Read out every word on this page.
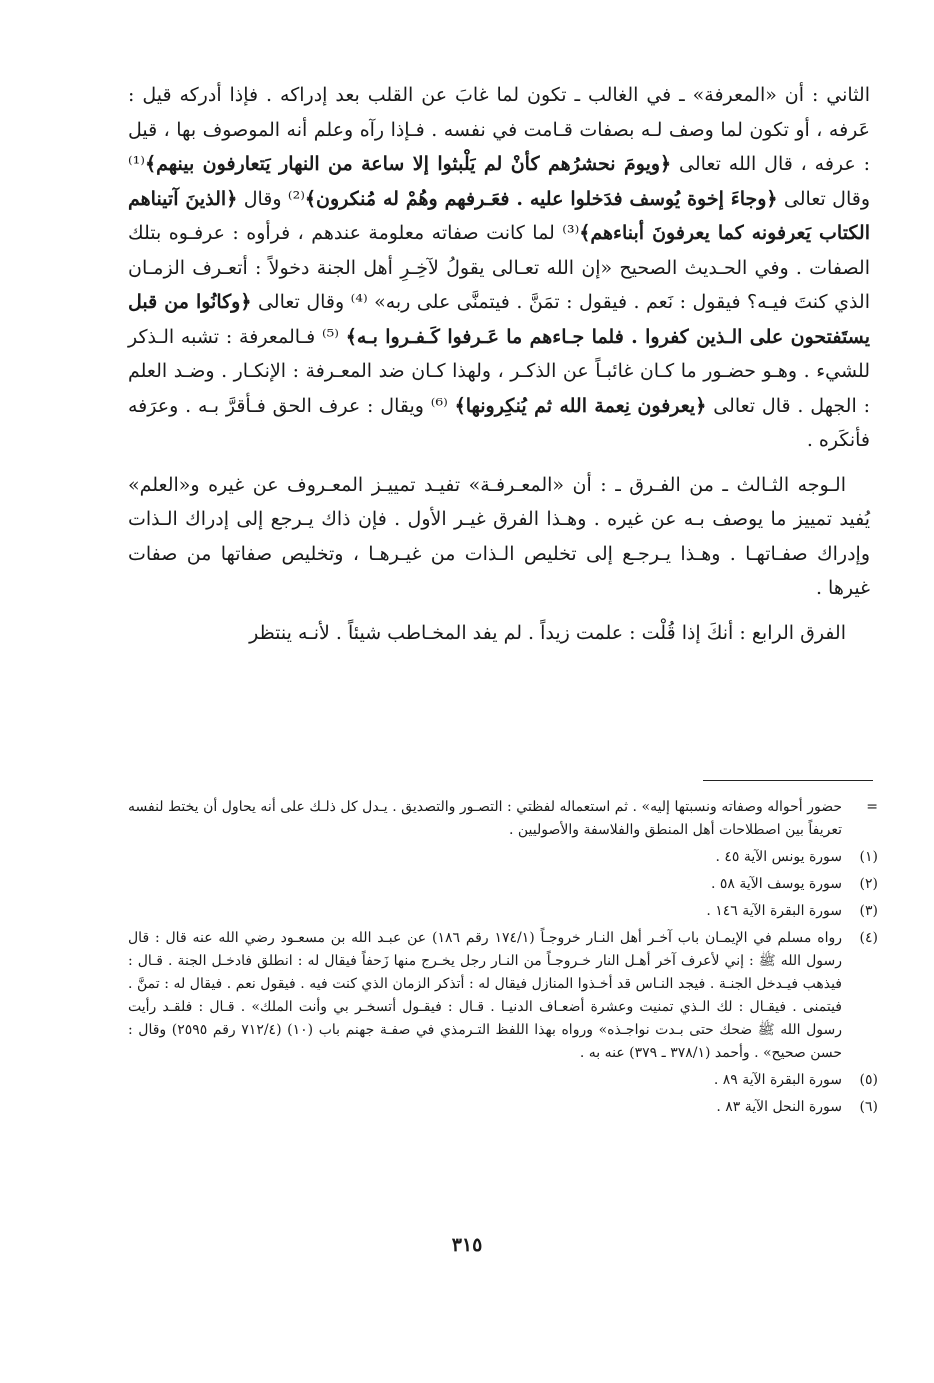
الثاني : أن «المعرفة» ـ في الغالب ـ تكون لما غابَ عن القلب بعد إدراكه . فإذا أدركه قيل : عَرفه ، أو تكون لما وصف لـه بصفات قـامت في نفسه . فـإذا رآه وعلم أنه الموصوف بها ، قيل : عرفه ، قال الله تعالى ﴿ويومَ نحشرُهم كأنْ لم يَلْبثوا إلا ساعة من النهار يَتعارفون بينهم﴾⁽¹⁾ وقال تعالى ﴿وجاءَ إخوة يُوسف فدَخلوا عليه . فعَـرفهم وهُمْ له مُنكرون﴾⁽²⁾ وقال ﴿الذينَ آتيناهم الكتاب يَعرفونه كما يعرفونَ أبناءهم﴾⁽³⁾ لما كانت صفاته معلومة عندهم ، فرأوه : عرفـوه بتلك الصفات . وفي الحـديث الصحيح «إن الله تعـالى يقولُ لآخِـرِ أهل الجنة دخولاً : أتعـرف الزمـان الذي كنتَ فيـه؟ فيقول : نَعم . فيقول : تمَنَّ . فيتمنَّى على ربه» ⁽⁴⁾ وقال تعالى ﴿وكانُوا من قبل يستَفتحون على الـذين كفروا . فلما جـاءهم ما عَـرفوا كَـفـروا بـه﴾ ⁽⁵⁾ فـالمعرفة : تشبه الـذكر للشيء . وهـو حضـور ما كـان غائبـاً عن الذكـر ، ولهذا كـان ضد المعـرفة : الإنكـار . وضـد العلم : الجهل . قال تعالى ﴿يعرفون نِعمة الله ثم يُنكِرونها﴾ ⁽⁶⁾ ويقال : عرف الحق فـأقرَّ بـه . وعرَفه فأنكَره .

الـوجه الثـالث ـ من الفـرق ـ : أن «المعـرفـة» تفيـد تمييـز المعـروف عن غيره و«العلم» يُفيد تمييز ما يوصف بـه عن غيره . وهـذا الفرق غيـر الأول . فإن ذاك يـرجع إلى إدراك الـذات وإدراك صفـاتهـا . وهـذا يـرجـع إلى تخليص الـذات من غيـرهـا ، وتخليص صفاتها من صفات غيرها .

الفرق الرابع : أنكَ إذا قُلْت : علمت زيداً . لم يفد المخـاطب شيئاً . لأنـه ينتظر

=
حضور أحواله وصفاته ونسبتها إليه» . ثم استعماله لفظتي : التصـور والتصديق . يـدل كل ذلـك على أنه يحاول أن يختط لنفسه تعريفاً بين اصطلاحات أهل المنطق والفلاسفة والأصوليين .
(١)
سورة يونس الآية ٤٥ .
(٢)
سورة يوسف الآية ٥٨ .
(٣)
سورة البقرة الآية ١٤٦ .
(٤)
رواه مسلم في الإيمـان باب آخـر أهل النـار خروجـاً (١٧٤/١ رقم ١٨٦) عن عبـد الله بن مسعـود رضي الله عنه قال : قال رسول الله ﷺ : إني لأعرف آخر أهـل النار خـروجـاً من النـار رجل يخـرج منها زَحفاً فيقال له : انطلق فادخـل الجنة . قـال : فيذهب فيـدخل الجنـة . فيجد النـاس قد أخـذوا المنازل فيقال له : أتذكر الزمان الذي كنت فيه . فيقول نعم . فيقال له : تمنَّ . فيتمنى . فيقـال : لك الـذي تمنيت وعشرة أضعـاف الدنيـا . قـال : فيقـول أتسخـر بي وأنت الملك» . قـال : فلقـد رأيت رسول الله ﷺ ضحك حتى بـدت نواجـذه» ورواه بهذا اللفظ التـرمذي في صفـة جهنم باب (١٠) (٧١٢/٤ رقم ٢٥٩٥) وقال : حسن صحيح» . وأحمد (٣٧٨/١ ـ ٣٧٩) عنه به .
(٥)
سورة البقرة الآية ٨٩ .
(٦)
سورة النحل الآية ٨٣ .
٣١٥
